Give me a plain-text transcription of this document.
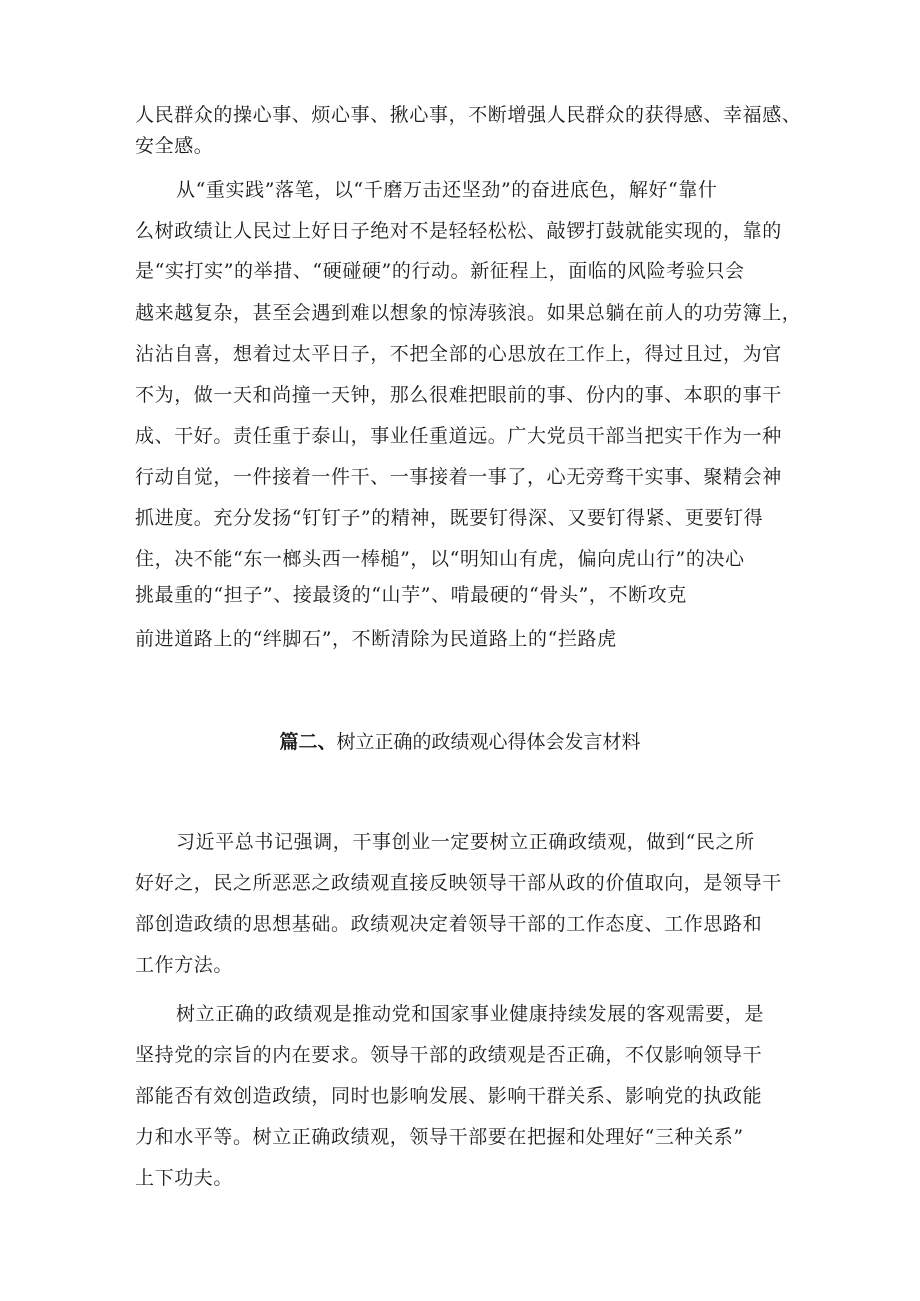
人民群众的操心事、烦心事、揪心事，不断增强人民群众的获得感、幸福感、
安全感。
从“重实践”落笔，以“千磨万击还坚劲”的奋进底色，解好“靠什
么树政绩让人民过上好日子绝对不是轻轻松松、敲锣打鼓就能实现的，靠的
是“实打实”的举措、“硬碰硬”的行动。新征程上，面临的风险考验只会
越来越复杂，甚至会遇到难以想象的惊涛骇浪。如果总躺在前人的功劳簿上，
沾沾自喜，想着过太平日子，不把全部的心思放在工作上，得过且过，为官
不为，做一天和尚撞一天钟，那么很难把眼前的事、份内的事、本职的事干
成、干好。责任重于泰山，事业任重道远。广大党员干部当把实干作为一种
行动自觉，一件接着一件干、一事接着一事了，心无旁骛干实事、聚精会神
抓进度。充分发扬“钉钉子”的精神，既要钉得深、又要钉得紧、更要钉得
住，决不能“东一榔头西一棒槌”，以“明知山有虎，偏向虎山行”的决心
挑最重的“担子”、接最烫的“山芋”、啃最硬的“骨头”，不断攻克
前进道路上的“绊脚石”，不断清除为民道路上的“拦路虎
篇二、树立正确的政绩观心得体会发言材料
习近平总书记强调，干事创业一定要树立正确政绩观，做到“民之所
好好之，民之所恶恶之政绩观直接反映领导干部从政的价值取向，是领导干
部创造政绩的思想基础。政绩观决定着领导干部的工作态度、工作思路和
工作方法。
树立正确的政绩观是推动党和国家事业健康持续发展的客观需要，是
坚持党的宗旨的内在要求。领导干部的政绩观是否正确，不仅影响领导干
部能否有效创造政绩，同时也影响发展、影响干群关系、影响党的执政能
力和水平等。树立正确政绩观，领导干部要在把握和处理好“三种关系”
上下功夫。
